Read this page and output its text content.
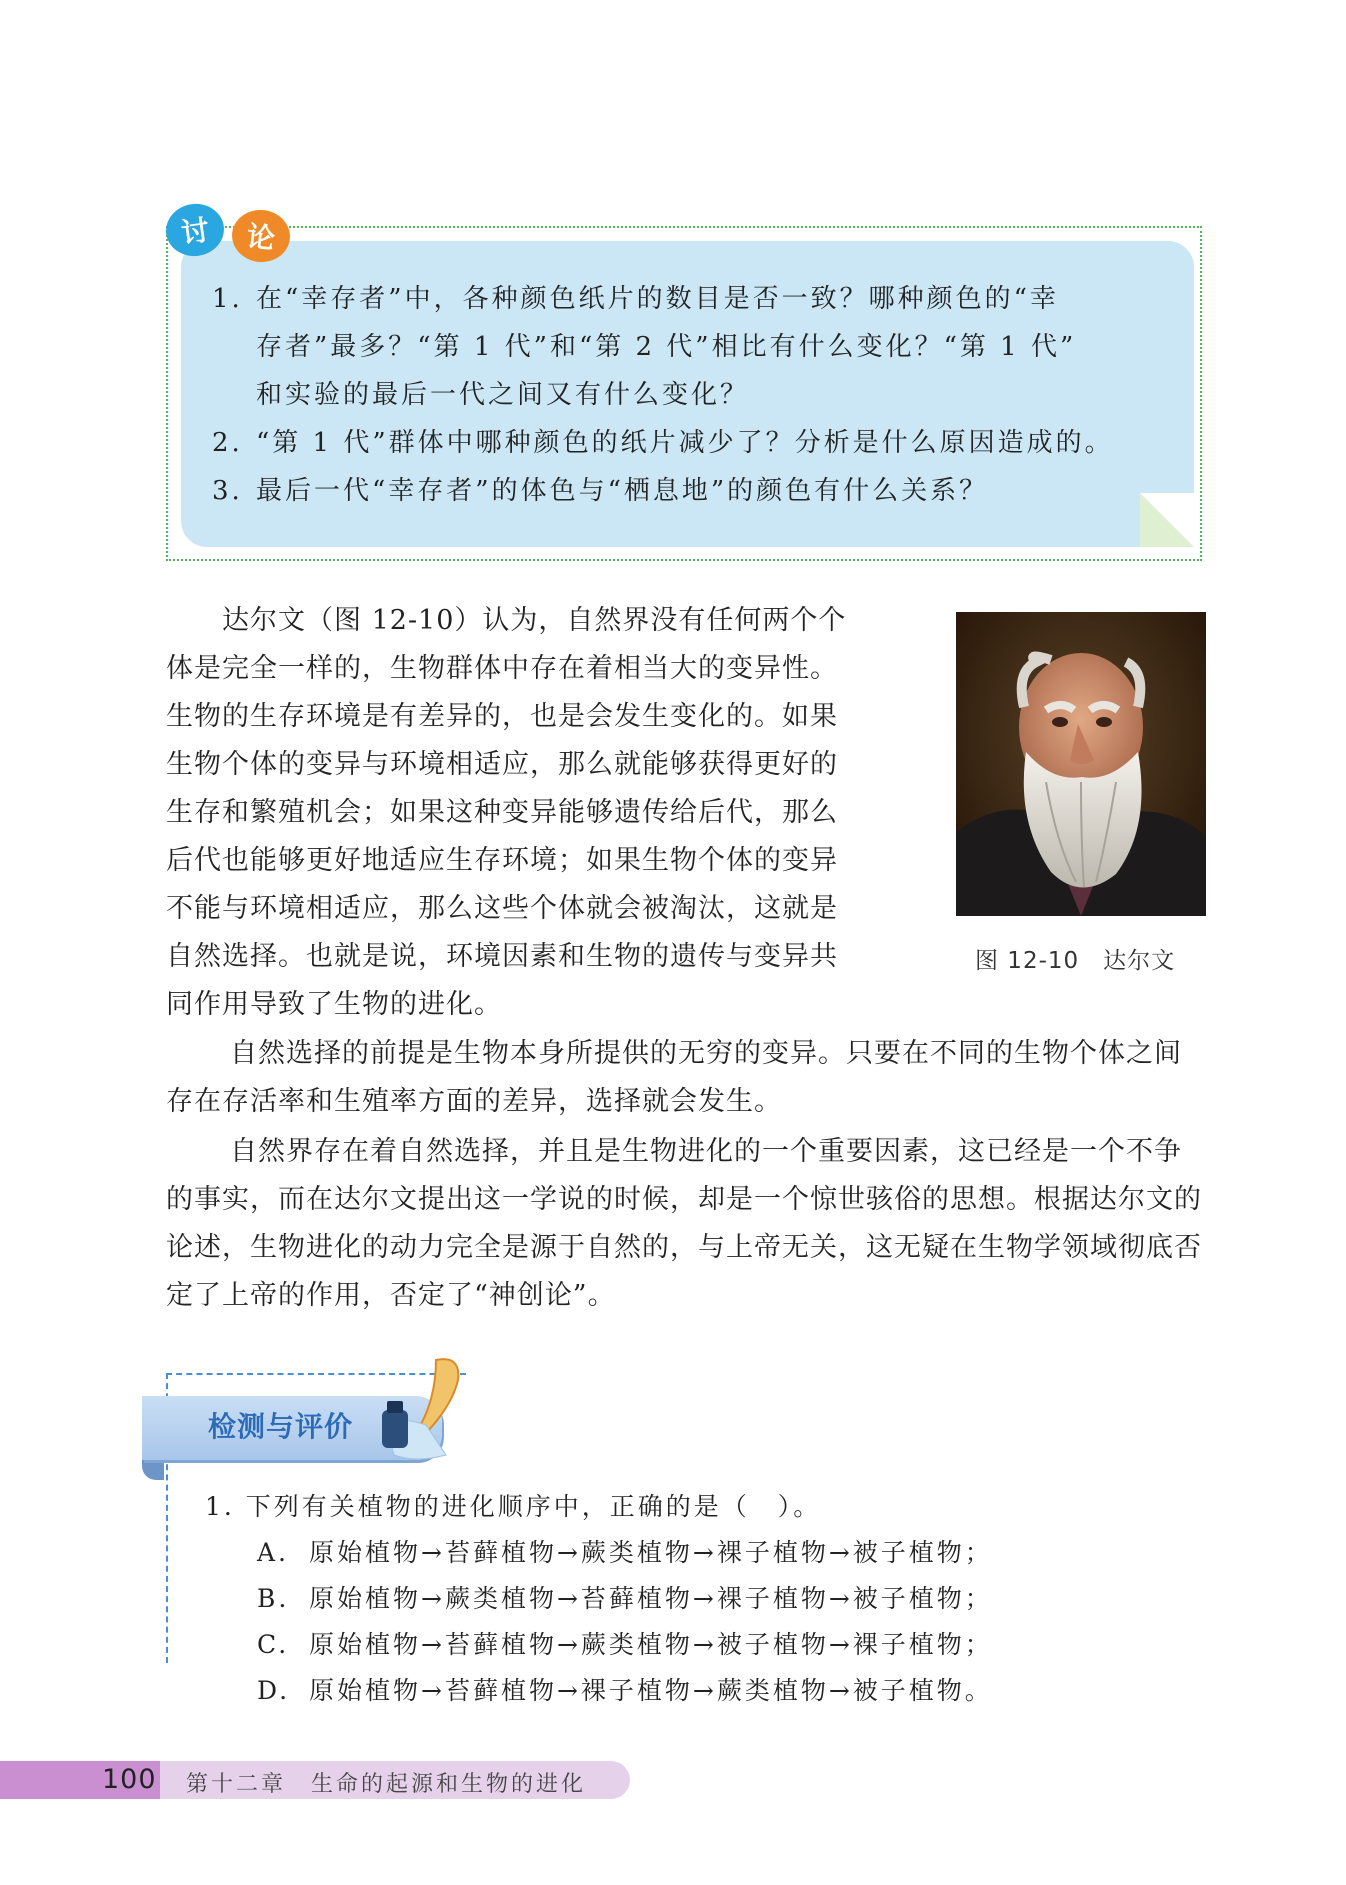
讨 论
1. 在“幸存者”中，各种颜色纸片的数目是否一致？哪种颜色的“幸
存者”最多？“第 1 代”和“第 2 代”相比有什么变化？“第 1 代”
和实验的最后一代之间又有什么变化？
2. “第 1 代”群体中哪种颜色的纸片减少了？分析是什么原因造成的。
3. 最后一代“幸存者”的体色与“栖息地”的颜色有什么关系？
　　达尔文（图 12-10）认为，自然界没有任何两个个
体是完全一样的，生物群体中存在着相当大的变异性。
生物的生存环境是有差异的，也是会发生变化的。如果
生物个体的变异与环境相适应，那么就能够获得更好的
生存和繁殖机会；如果这种变异能够遗传给后代，那么
后代也能够更好地适应生存环境；如果生物个体的变异
不能与环境相适应，那么这些个体就会被淘汰，这就是
自然选择。也就是说，环境因素和生物的遗传与变异共
同作用导致了生物的进化。
图 12-10　达尔文
自然选择的前提是生物本身所提供的无穷的变异。只要在不同的生物个体之间存在存活率和生殖率方面的差异，选择就会发生。
自然界存在着自然选择，并且是生物进化的一个重要因素，这已经是一个不争的事实，而在达尔文提出这一学说的时候，却是一个惊世骇俗的思想。根据达尔文的论述，生物进化的动力完全是源于自然的，与上帝无关，这无疑在生物学领域彻底否定了上帝的作用，否定了“神创论”。
检测与评价
1. 下列有关植物的进化顺序中，正确的是（　）。
A. 原始植物→苔藓植物→蕨类植物→裸子植物→被子植物；
B. 原始植物→蕨类植物→苔藓植物→裸子植物→被子植物；
C. 原始植物→苔藓植物→蕨类植物→被子植物→裸子植物；
D. 原始植物→苔藓植物→裸子植物→蕨类植物→被子植物。
100 第十二章　生命的起源和生物的进化
